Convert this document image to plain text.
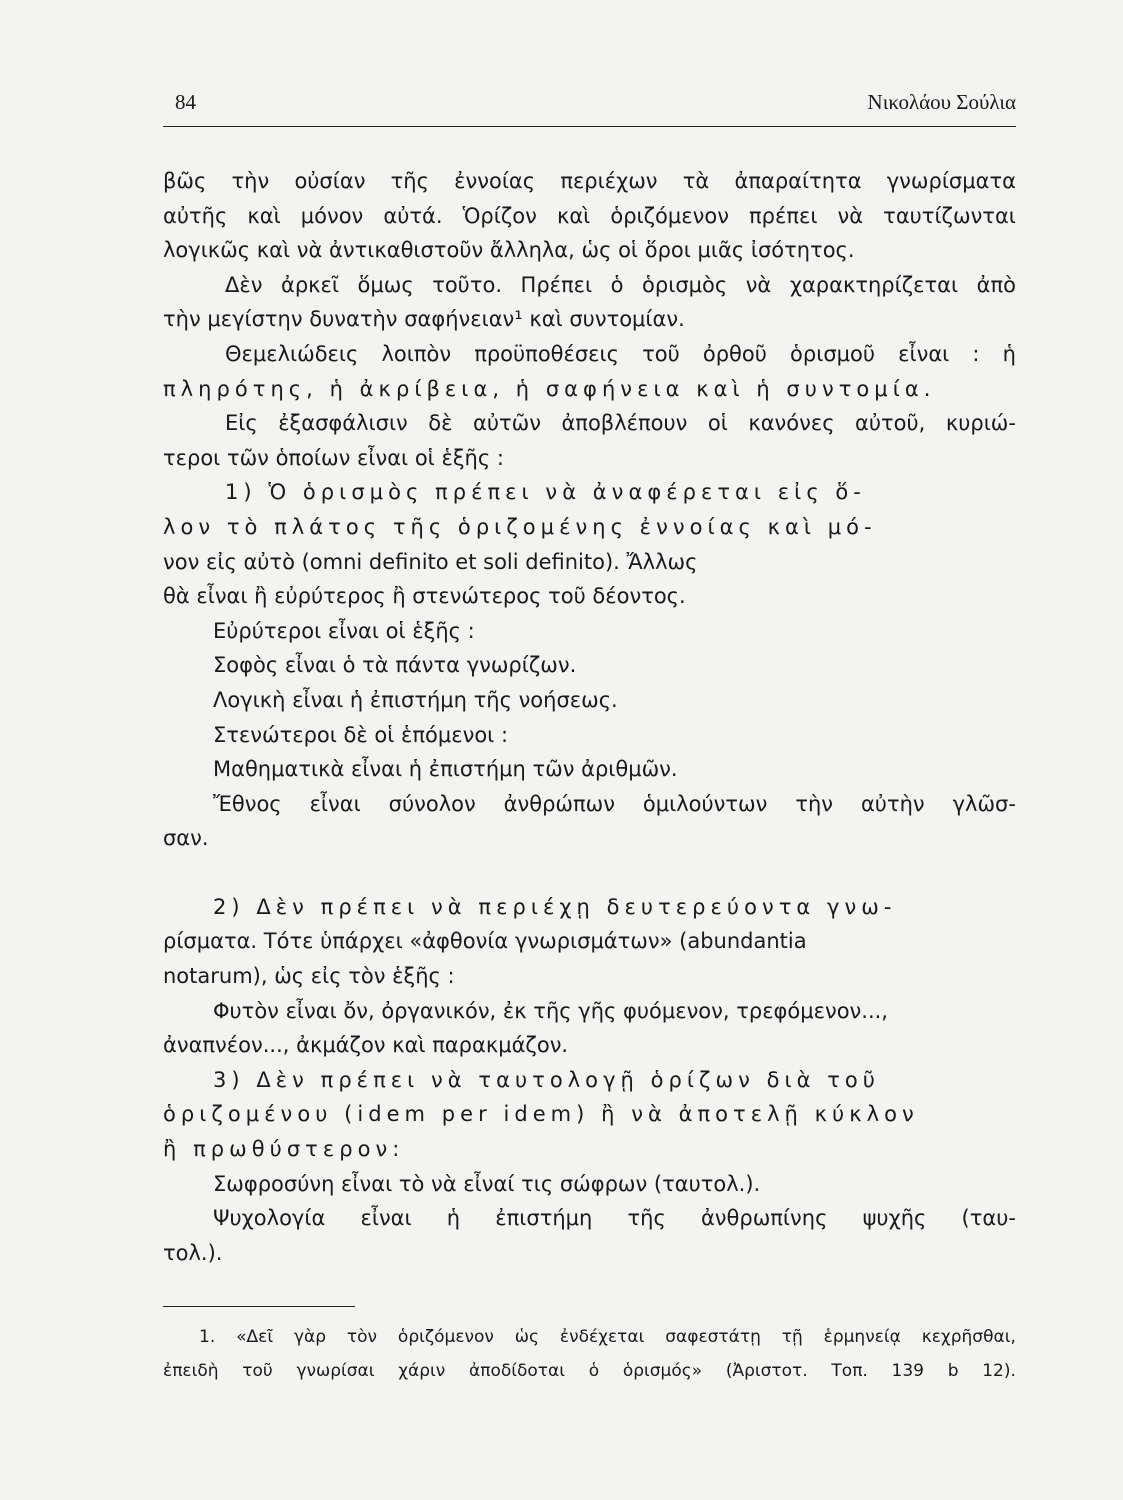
84	Νικολάου Σούλια
βῶς τὴν οὐσίαν τῆς ἐννοίας περιέχων τὰ ἀπαραίτητα γνωρίσματα
αὐτῆς καὶ μόνον αὐτά. Ὁρίζον καὶ ὁριζόμενον πρέπει νὰ ταυτίζωνται
λογικῶς καὶ νὰ ἀντικαθιστοῦν ἄλληλα, ὡς οἱ ὅροι μιᾶς ἰσότητος.
Δὲν ἀρκεῖ ὅμως τοῦτο. Πρέπει ὁ ὁρισμὸς νὰ χαρακτηρίζεται ἀπὸ
τὴν μεγίστην δυνατὴν σαφήνειαν¹ καὶ συντομίαν.
Θεμελιώδεις λοιπὸν προϋποθέσεις τοῦ ὀρθοῦ ὁρισμοῦ εἶναι : ἡ
πληρότης, ἡ ἀκρίβεια, ἡ σαφήνεια καὶ ἡ συντομία.
Εἰς ἐξασφάλισιν δὲ αὐτῶν ἀποβλέπουν οἱ κανόνες αὐτοῦ, κυριώ-
τεροι τῶν ὁποίων εἶναι οἱ ἑξῆς :
1) Ὁ ὁρισμὸς πρέπει νὰ ἀναφέρεται εἰς ὅ-
λον τὸ πλάτος τῆς ὁριζομένης ἐννοίας καὶ μό-
νον εἰς αὐτὸ (omni definito et soli definito). Ἄλλως
θὰ εἶναι ἢ εὐρύτερος ἢ στενώτερος τοῦ δέοντος.
Εὐρύτεροι εἶναι οἱ ἑξῆς :
Σοφὸς εἶναι ὁ τὰ πάντα γνωρίζων.
Λογικὴ εἶναι ἡ ἐπιστήμη τῆς νοήσεως.
Στενώτεροι δὲ οἱ ἑπόμενοι :
Μαθηματικὰ εἶναι ἡ ἐπιστήμη τῶν ἀριθμῶν.
Ἔθνος εἶναι σύνολον ἀνθρώπων ὁμιλούντων τὴν αὐτὴν γλῶσ-
σαν.
2) Δὲν πρέπει νὰ περιέχῃ δευτερεύοντα γνω-
ρίσματα. Τότε ὑπάρχει «ἀφθονία γνωρισμάτων» (abundantia
notarum), ὡς εἰς τὸν ἑξῆς :
Φυτὸν εἶναι ὄν, ὀργανικόν, ἐκ τῆς γῆς φυόμενον, τρεφόμενον...,
ἀναπνέον..., ἀκμάζον καὶ παρακμάζον.
3) Δὲν πρέπει νὰ ταυτολογῇ ὁρίζων διὰ τοῦ
ὁριζομένου (idem per idem) ἢ νὰ ἀποτελῇ κύκλον
ἢ πρωθύστερον:
Σωφροσύνη εἶναι τὸ νὰ εἶναί τις σώφρων (ταυτολ.).
Ψυχολογία εἶναι ἡ ἐπιστήμη τῆς ἀνθρωπίνης ψυχῆς (ταυ-
τολ.).
1. «Δεῖ γὰρ τὸν ὁριζόμενον ὡς ἐνδέχεται σαφεστάτῃ τῇ ἑρμηνείᾳ κεχρῆσθαι,
ἐπειδὴ τοῦ γνωρίσαι χάριν ἀποδίδοται ὁ ὁρισμός» (Ἀριστοτ. Τοπ. 139 b 12).
